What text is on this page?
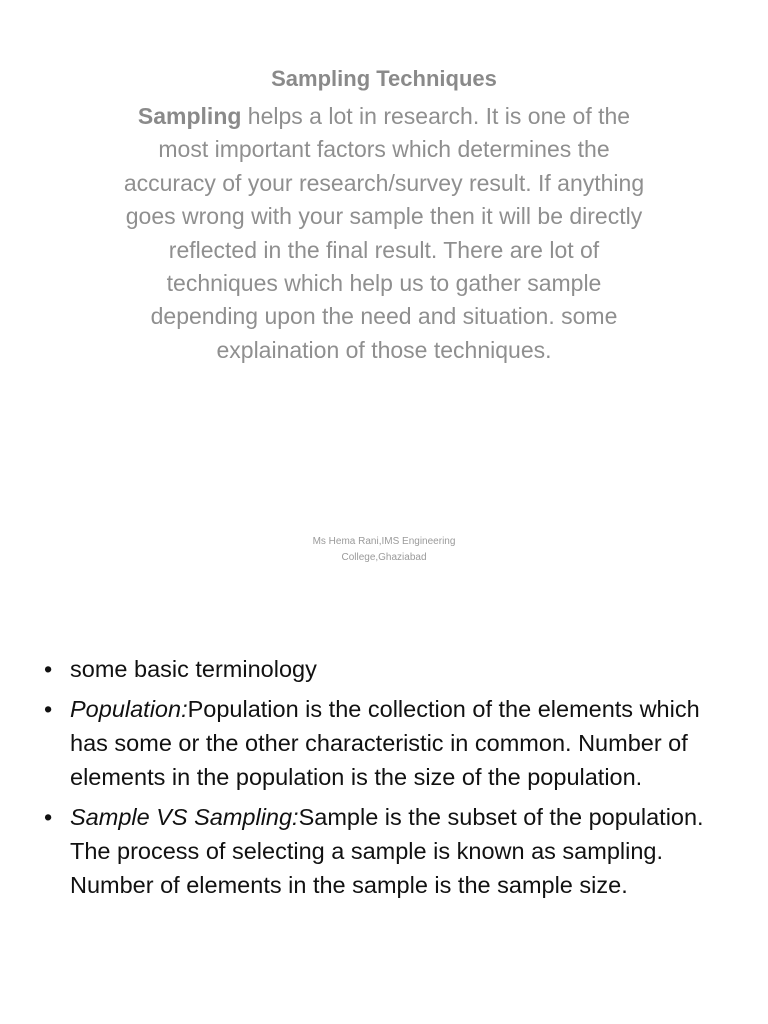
Sampling Techniques

Sampling helps a lot in research. It is one of the most important factors which determines the accuracy of your research/survey result. If anything goes wrong with your sample then it will be directly reflected in the final result. There are lot of techniques which help us to gather sample depending upon the need and situation. some explaination of those techniques.

Ms Hema Rani,IMS Engineering
College,Ghaziabad
• some basic terminology
• Population:Population is the collection of the elements which has some or the other characteristic in common. Number of elements in the population is the size of the population.
• Sample VS Sampling:Sample is the subset of the population. The process of selecting a sample is known as sampling. Number of elements in the sample is the sample size.
